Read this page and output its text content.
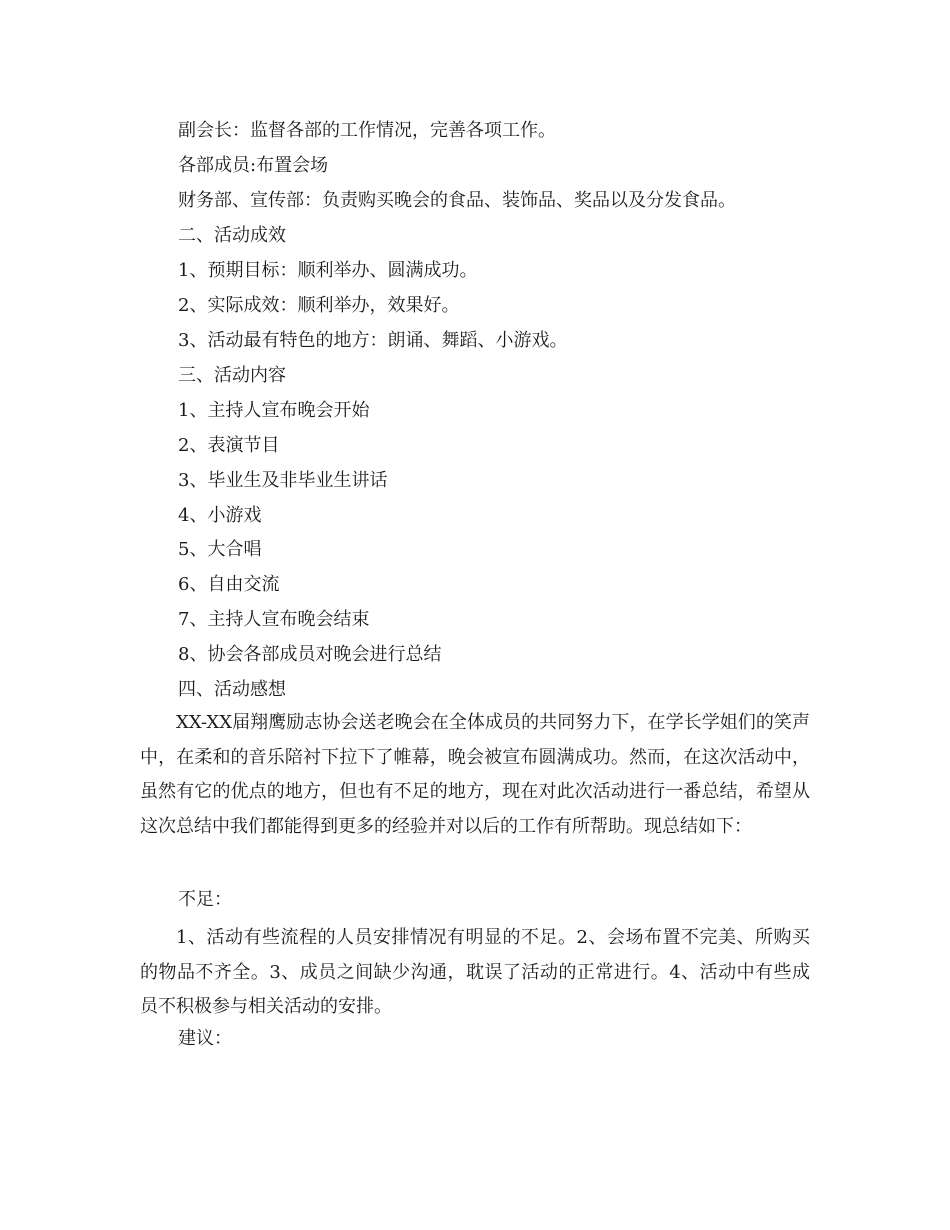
副会长：监督各部的工作情况，完善各项工作。
各部成员:布置会场
财务部、宣传部：负责购买晚会的食品、装饰品、奖品以及分发食品。
二、活动成效
1、预期目标：顺利举办、圆满成功。
2、实际成效：顺利举办，效果好。
3、活动最有特色的地方：朗诵、舞蹈、小游戏。
三、活动内容
1、主持人宣布晚会开始
2、表演节目
3、毕业生及非毕业生讲话
4、小游戏
5、大合唱
6、自由交流
7、主持人宣布晚会结束
8、协会各部成员对晚会进行总结
四、活动感想
XX-XX届翔鹰励志协会送老晚会在全体成员的共同努力下，在学长学姐们的笑声中，在柔和的音乐陪衬下拉下了帷幕，晚会被宣布圆满成功。然而，在这次活动中，虽然有它的优点的地方，但也有不足的地方，现在对此次活动进行一番总结，希望从这次总结中我们都能得到更多的经验并对以后的工作有所帮助。现总结如下：
不足：
1、活动有些流程的人员安排情况有明显的不足。2、会场布置不完美、所购买的物品不齐全。3、成员之间缺少沟通，耽误了活动的正常进行。4、活动中有些成员不积极参与相关活动的安排。
建议：
